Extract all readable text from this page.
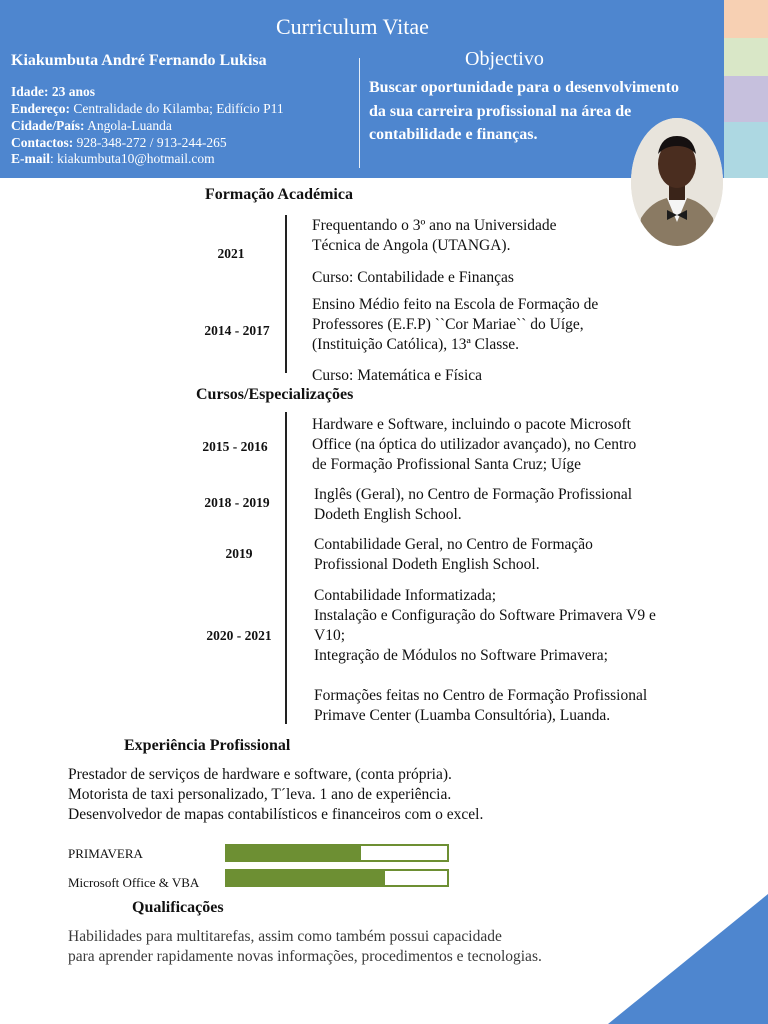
Curriculum Vitae
Kiakumbuta André Fernando Lukisa
Idade: 23 anos
Endereço: Centralidade do Kilamba; Edifício P11
Cidade/País: Angola-Luanda
Contactos: 928-348-272 / 913-244-265
E-mail: kiakumbuta10@hotmail.com
Objectivo
Buscar oportunidade para o desenvolvimento
da sua carreira profissional na área de
contabilidade e finanças.
Formação Académica
2021
Frequentando o 3º ano na Universidade
Técnica de Angola (UTANGA).
Curso: Contabilidade e Finanças
2014 - 2017
Ensino Médio feito na Escola de Formação de
Professores (E.F.P) ``Cor Mariae`` do Uíge,
(Instituição Católica), 13ª Classe.
Curso: Matemática e Física
Cursos/Especializações
2015 - 2016
Hardware e Software, incluindo o pacote Microsoft
Office (na óptica do utilizador avançado), no Centro
de Formação Profissional Santa Cruz; Uíge
2018 - 2019	Inglês (Geral), no Centro de Formação Profissional
Dodeth English School.
2019
Contabilidade Geral, no Centro de Formação
Profissional Dodeth English School.
2020 - 2021
Contabilidade Informatizada;
Instalação e Configuração do Software Primavera V9 e
V10;
Integração de Módulos no Software Primavera;
Formações feitas no Centro de Formação Profissional
Primave Center (Luamba Consultória), Luanda.
Experiência Profissional
Prestador de serviços de hardware e software, (conta própria).
Motorista de taxi personalizado, T´leva. 1 ano de experiência.
Desenvolvedor de mapas contabilísticos e financeiros com o excel.
PRIMAVERA
Microsoft Office & VBA
Qualificações
Habilidades para multitarefas, assim como também possui capacidade
para aprender rapidamente novas informações, procedimentos e tecnologias.
